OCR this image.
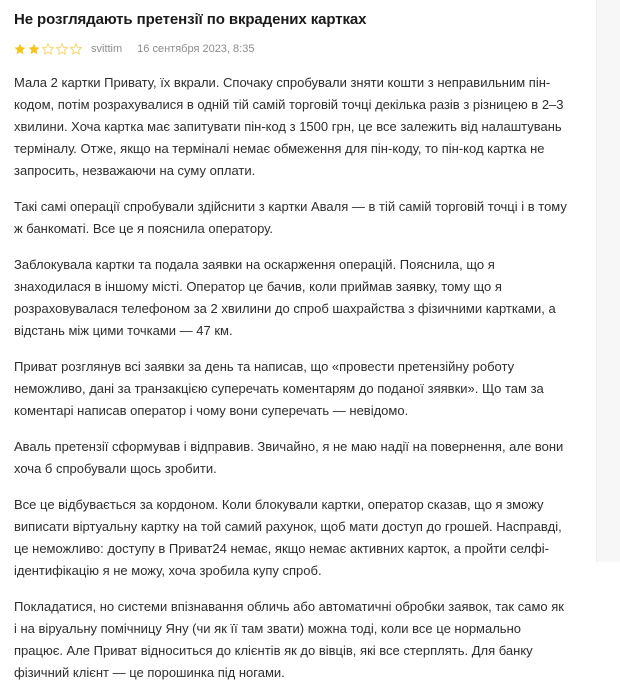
Не розглядають претензії по вкрадених картках
svittim 16 сентября 2023, 8:35

Мала 2 картки Привату, їх вкрали. Спочаку спробували зняти кошти з неправильним пін-кодом, потім розрахувалися в одній тій самій торговій точці декілька разів з різницею в 2–3 хвилини. Хоча картка має запитувати пін-код з 1500 грн, це все залежить від налаштувань терміналу. Отже, якщо на терміналі немає обмеження для пін-коду, то пін-код картка не запросить, незважаючи на суму оплати.

Такі самі операції спробували здійснити з картки Аваля — в тій самій торговій точці і в тому ж банкоматі. Все це я пояснила оператору.

Заблокувала картки та подала заявки на оскарження операцій. Пояснила, що я знаходилася в іншому місті. Оператор це бачив, коли приймав заявку, тому що я розраховувалася телефоном за 2 хвилини до спроб шахрайства з фізичними картками, а відстань між цими точками — 47 км.

Приват розглянув всі заявки за день та написав, що «провести претензійну роботу неможливо, дані за транзакцією суперечать коментарям до поданої зяявки». Що там за коментарі написав оператор і чому вони суперечать — невідомо.

Аваль претензії сформував і відправив. Звичайно, я не маю надії на повернення, але вони хоча б спробували щось зробити.

Все це відбувається за кордоном. Коли блокували картки, оператор сказав, що я зможу виписати віртуальну картку на той самий рахунок, щоб мати доступ до грошей. Насправді, це неможливо: доступу в Приват24 немає, якщо немає активних карток, а пройти селфі-ідентифікацію я не можу, хоча зробила купу спроб.

Покладатися, но системи впізнавання обличь або автоматичні обробки заявок, так само як і на віруальну помічницу Яну (чи як її там звати) можна тоді, коли все це нормально працює. Але Приват відноситься до клієнтів як до вівців, які все стерплять. Для банку фізичний клієнт — це порошинка під ногами.
